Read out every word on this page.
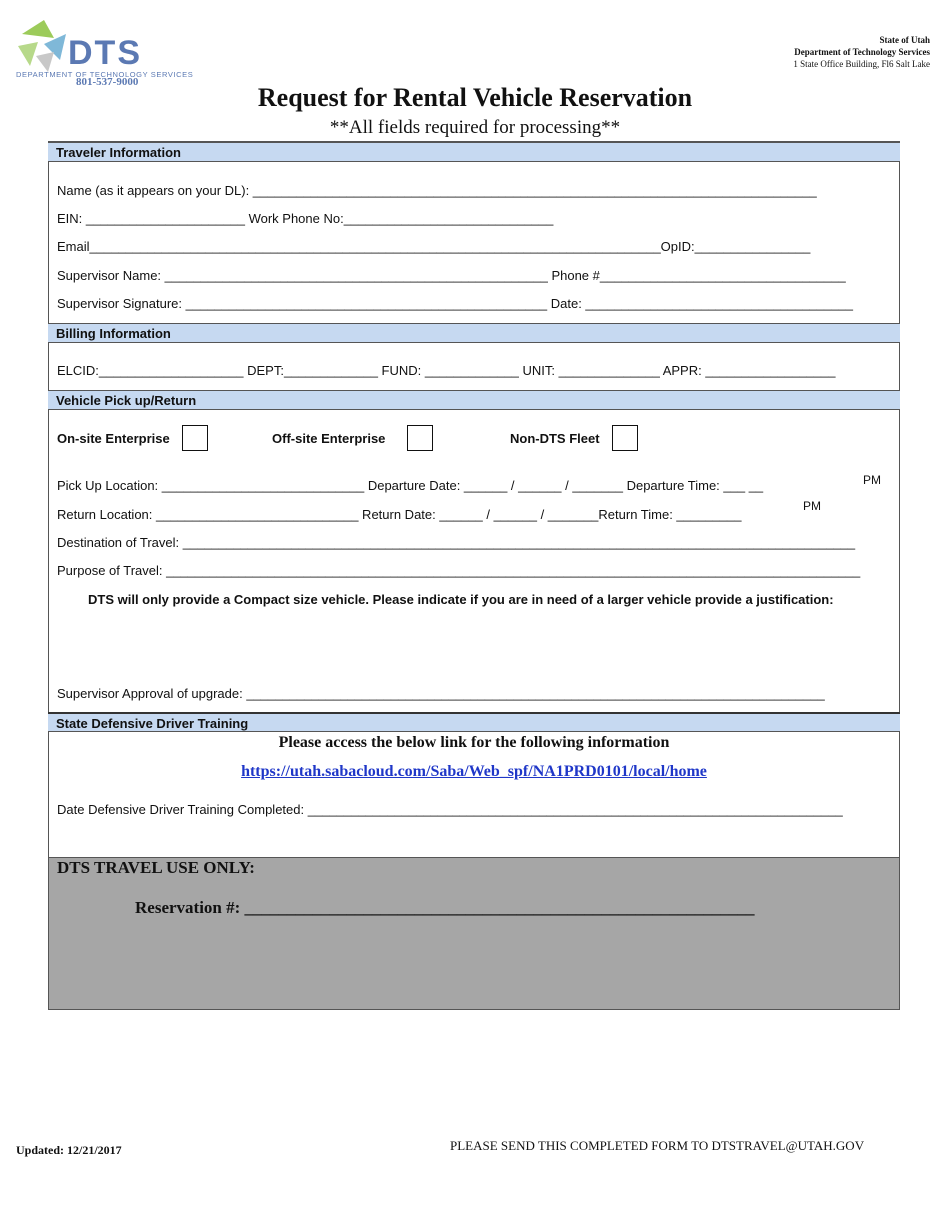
DTS
DEPARTMENT OF TECHNOLOGY SERVICES
801-537-9000
State of Utah
Department of Technology Services
1 State Office Building, Fl6 Salt Lake
Request for Rental Vehicle Reservation
**All fields required for processing**
Traveler Information
Name (as it appears on your DL): ______________________________________________________________________________
EIN: ______________________ Work Phone No:_____________________________
Email_______________________________________________________________________________OpID:________________
Supervisor Name: _____________________________________________________ Phone #__________________________________
Supervisor Signature: __________________________________________________ Date: _____________________________________
Billing Information
ELCID:____________________ DEPT:_____________ FUND: _____________ UNIT: ______________ APPR: __________________
Vehicle Pick up/Return
On-site Enterprise	Off-site Enterprise	Non-DTS Fleet
Pick Up Location: ____________________________ Departure Date: ______ / ______ / _______ Departure Time: ___ __	PM
Return Location: ____________________________ Return Date: ______ / ______ / _______Return Time: _________
PM
Destination of Travel: _____________________________________________________________________________________________
Purpose of Travel: ________________________________________________________________________________________________
DTS will only provide a Compact size vehicle. Please indicate if you are in need of a larger vehicle provide a justification:
Supervisor Approval of upgrade: ________________________________________________________________________________
State Defensive Driver Training
Please access the below link for the following information
https://utah.sabacloud.com/Saba/Web_spf/NA1PRD0101/local/home
Date Defensive Driver Training Completed: __________________________________________________________________________
DTS TRAVEL USE ONLY:
Reservation #: ____________________________________________________________
Updated: 12/21/2017	PLEASE SEND THIS COMPLETED FORM TO DTSTRAVEL@UTAH.GOV
